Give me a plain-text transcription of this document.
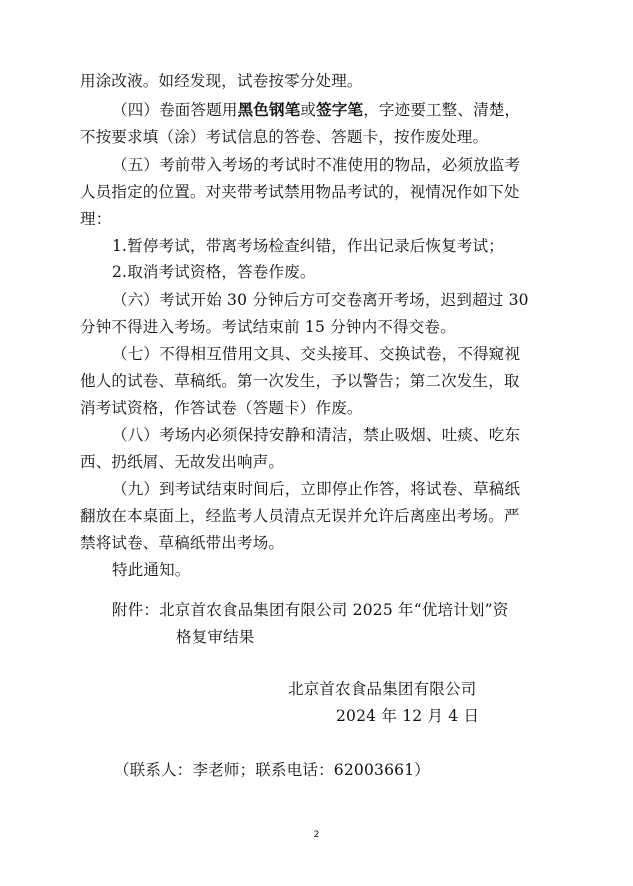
用涂改液。如经发现，试卷按零分处理。
（四）卷面答题用黑色钢笔或签字笔，字迹要工整、清楚，
不按要求填（涂）考试信息的答卷、答题卡，按作废处理。
（五）考前带入考场的考试时不准使用的物品，必须放监考
人员指定的位置。对夹带考试禁用物品考试的，视情况作如下处
理：
1.暂停考试，带离考场检查纠错，作出记录后恢复考试；
2.取消考试资格，答卷作废。
（六）考试开始 30 分钟后方可交卷离开考场，迟到超过 30
分钟不得进入考场。考试结束前 15 分钟内不得交卷。
（七）不得相互借用文具、交头接耳、交换试卷，不得窥视
他人的试卷、草稿纸。第一次发生，予以警告；第二次发生，取
消考试资格，作答试卷（答题卡）作废。
（八）考场内必须保持安静和清洁，禁止吸烟、吐痰、吃东
西、扔纸屑、无故发出响声。
（九）到考试结束时间后，立即停止作答，将试卷、草稿纸
翻放在本桌面上，经监考人员清点无误并允许后离座出考场。严
禁将试卷、草稿纸带出考场。
特此通知。
附件：北京首农食品集团有限公司 2025 年“优培计划”资
格复审结果
北京首农食品集团有限公司
2024 年 12 月 4 日
（联系人：李老师；联系电话：62003661）
2
